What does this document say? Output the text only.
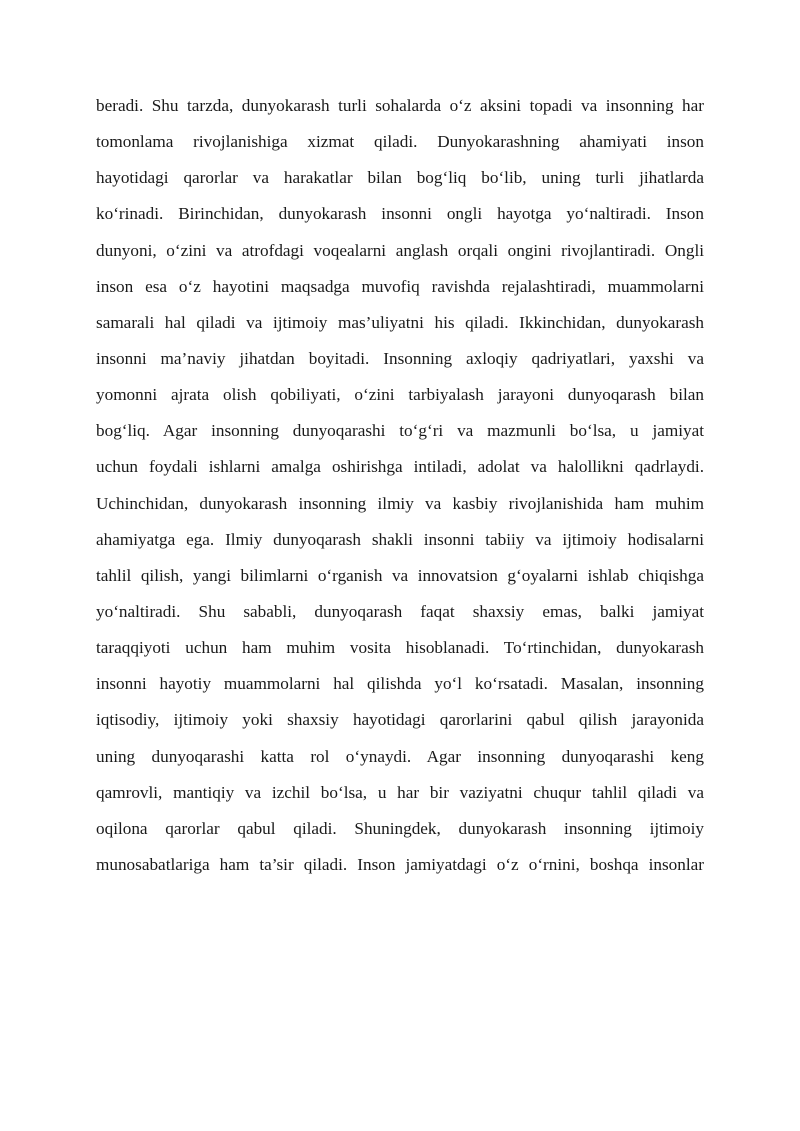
beradi. Shu tarzda, dunyokarash turli sohalarda o‘z aksini topadi va insonning har
tomonlama rivojlanishiga xizmat qiladi. Dunyokarashning ahamiyati inson
hayotidagi qarorlar va harakatlar bilan bog‘liq bo‘lib, uning turli jihatlarda
ko‘rinadi. Birinchidan, dunyokarash insonni ongli hayotga yo‘naltiradi. Inson
dunyoni, o‘zini va atrofdagi voqealarni anglash orqali ongini rivojlantiradi. Ongli
inson esa o‘z hayotini maqsadga muvofiq ravishda rejalashtiradi, muammolarni
samarali hal qiladi va ijtimoiy mas’uliyatni his qiladi. Ikkinchidan, dunyokarash
insonni ma’naviy jihatdan boyitadi. Insonning axloqiy qadriyatlari, yaxshi va
yomonni ajrata olish qobiliyati, o‘zini tarbiyalash jarayoni dunyoqarash bilan
bog‘liq. Agar insonning dunyoqarashi to‘g‘ri va mazmunli bo‘lsa, u jamiyat
uchun foydali ishlarni amalga oshirishga intiladi, adolat va halollikni qadrlaydi.
Uchinchidan, dunyokarash insonning ilmiy va kasbiy rivojlanishida ham muhim
ahamiyatga ega. Ilmiy dunyoqarash shakli insonni tabiiy va ijtimoiy hodisalarni
tahlil qilish, yangi bilimlarni o‘rganish va innovatsion g‘oyalarni ishlab chiqishga
yo‘naltiradi. Shu sababli, dunyoqarash faqat shaxsiy emas, balki jamiyat
taraqqiyoti uchun ham muhim vosita hisoblanadi. To‘rtinchidan, dunyokarash
insonni hayotiy muammolarni hal qilishda yo‘l ko‘rsatadi. Masalan, insonning
iqtisodiy, ijtimoiy yoki shaxsiy hayotidagi qarorlarini qabul qilish jarayonida
uning dunyoqarashi katta rol o‘ynaydi. Agar insonning dunyoqarashi keng
qamrovli, mantiqiy va izchil bo‘lsa, u har bir vaziyatni chuqur tahlil qiladi va
oqilona qarorlar qabul qiladi. Shuningdek, dunyokarash insonning ijtimoiy
munosabatlariga ham ta’sir qiladi. Inson jamiyatdagi o‘z o‘rnini, boshqa insonlar
